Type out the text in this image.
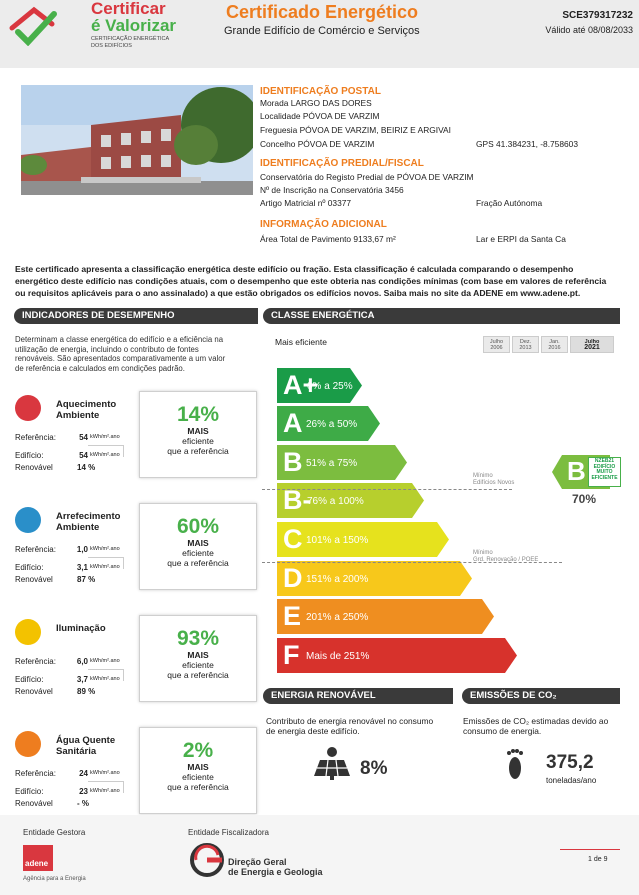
Certificar
é Valorizar
CERTIFICAÇÃO ENERGÉTICA
DOS EDIFÍCIOS
Certificado Energético
Grande Edifício de Comércio e Serviços
SCE379317232
Válido até 08/08/2033
IDENTIFICAÇÃO POSTAL
Morada LARGO DAS DORES
Localidade PÓVOA DE VARZIM
Freguesia PÓVOA DE VARZIM, BEIRIZ E ARGIVAI
Concelho PÓVOA DE VARZIM	GPS 41.384231, -8.758603
IDENTIFICAÇÃO PREDIAL/FISCAL
Conservatória do Registo Predial de PÓVOA DE VARZIM
Nº de Inscrição na Conservatória 3456
Artigo Matricial nº 03377	Fração Autónoma
INFORMAÇÃO ADICIONAL
Área Total de Pavimento 9133,67 m²	Lar e ERPI da Santa Ca
Este certificado apresenta a classificação energética deste edifício ou fração. Esta classificação é calculada comparando o desempenho
energético deste edifício nas condições atuais, com o desempenho que este obteria nas condições mínimas (com base em valores de referência
ou requisitos aplicáveis para o ano assinalado) a que estão obrigados os edifícios novos. Saiba mais no site da ADENE em www.adene.pt.
INDICADORES DE DESEMPENHO
Determinam a classe energética do edifício e a eficiência na
utilização de energia, incluindo o contributo de fontes
renováveis. São apresentados comparativamente a um valor
de referência e calculados em condições padrão.
Aquecimento
Ambiente
Referência:	54 kWh/m².ano
Edifício:	54 kWh/m².ano
Renovável	14 %
14%
MAIS
eficiente
que a referência
Arrefecimento
Ambiente
Referência:	1,0 kWh/m².ano
Edifício:	3,1 kWh/m².ano
Renovável	87 %
60%
MAIS
eficiente
que a referência
Iluminação
Referência:	6,0 kWh/m².ano
Edifício:	3,7 kWh/m².ano
Renovável	89 %
93%
MAIS
eficiente
que a referência
Água Quente
Sanitária
Referência:	24 kWh/m².ano
Edifício:	23 kWh/m².ano
Renovável	- %
2%
MAIS
eficiente
que a referência
CLASSE ENERGÉTICA
Mais eficiente	Julho
2006
Dez.
2013
Jan.
2016
Julho
2021
A+
0% a 25%
A 26% a 50%
B 51% a 75%
B-
76% a 100%
C 101% a 150%
D 151% a 200%
E 201% a 250%
F Mais de 251%
Mínimo
Edifícios Novos
Mínimo
Grd. Renovação / POEE
B	NZEB21
EDIFÍCIO
MUITO
EFICIENTE
70%
ENERGIA RENOVÁVEL
Contributo de energia renovável no consumo
de energia deste edifício.
8%
EMISSÕES DE CO₂
Emissões de CO₂ estimadas devido ao
consumo de energia.
375,2
toneladas/ano
Entidade Gestora
adene
Agência para a Energia
Entidade Fiscalizadora
Direção Geral
de Energia e Geologia
1 de 9
